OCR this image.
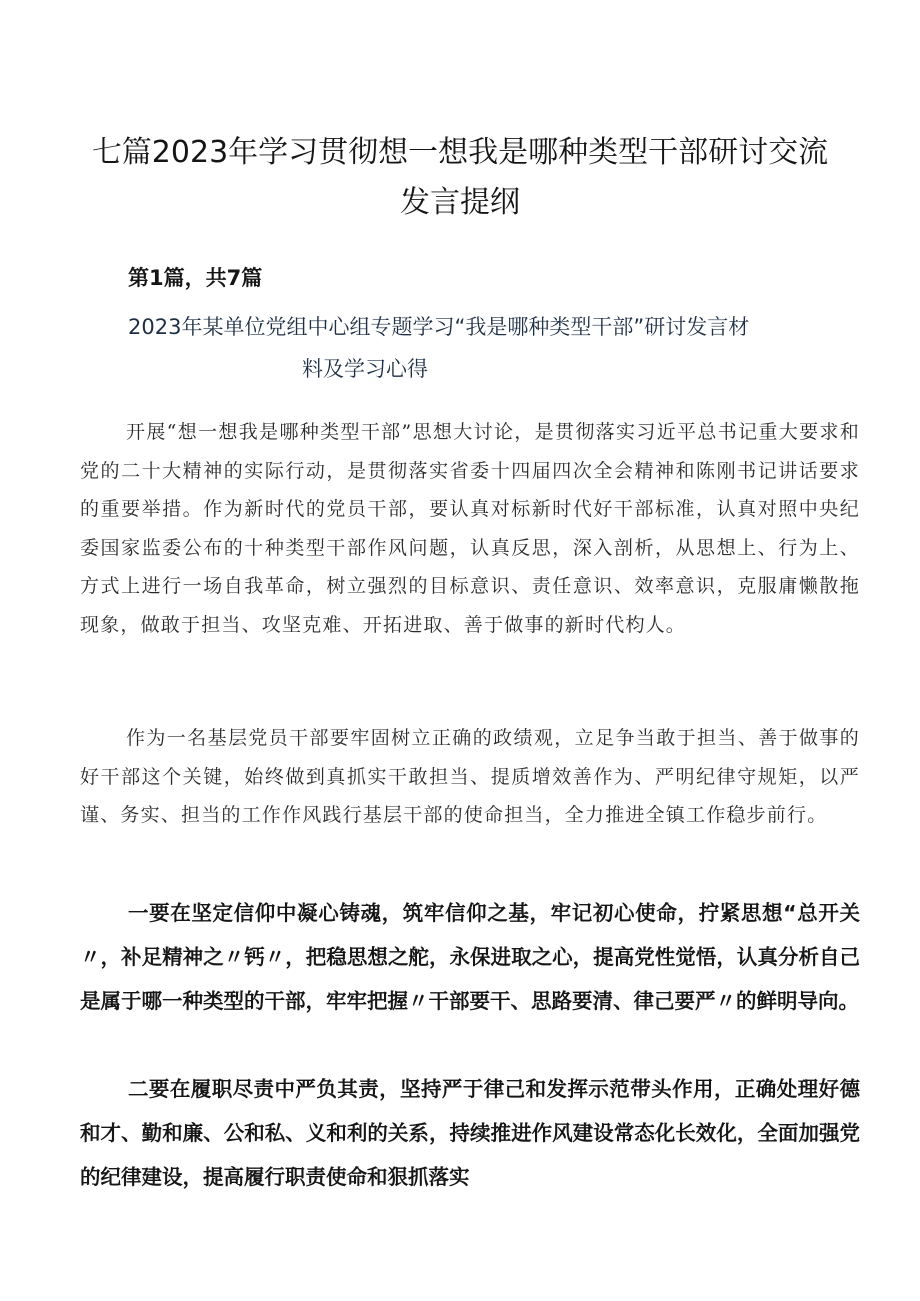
七篇2023年学习贯彻想一想我是哪种类型干部研讨交流发言提纲
第1篇，共7篇
2023年某单位党组中心组专题学习“我是哪种类型干部”研讨发言材
料及学习心得

开展“想一想我是哪种类型干部”思想大讨论，是贯彻落实习近平总书记重大要求和党的二十大精神的实际行动，是贯彻落实省委十四届四次全会精神和陈刚书记讲话要求的重要举措。作为新时代的党员干部，要认真对标新时代好干部标准，认真对照中央纪委国家监委公布的十种类型干部作风问题，认真反思，深入剖析，从思想上、行为上、方式上进行一场自我革命，树立强烈的目标意识、责任意识、效率意识，克服庸懒散拖现象，做敢于担当、攻坚克难、开拓进取、善于做事的新时代枃人。

作为一名基层党员干部要牢固树立正确的政绩观，立足争当敢于担当、善于做事的好干部这个关键，始终做到真抓实干敢担当、提质增效善作为、严明纪律守规矩，以严谨、务实、担当的工作作风践行基层干部的使命担当，全力推进全镇工作稳步前行。

一要在坚定信仰中凝心铸魂，筑牢信仰之基，牢记初心使命，拧紧思想“总开关〃，补足精神之〃钙〃，把稳思想之舵，永保进取之心，提高党性觉悟，认真分析自己是属于哪一种类型的干部，牢牢把握〃干部要干、思路要清、律己要严〃的鲜明导向。

二要在履职尽责中严负其责，坚持严于律己和发挥示范带头作用，正确处理好德和才、勤和廉、公和私、义和利的关系，持续推进作风建设常态化长效化，全面加强党的纪律建设，提高履行职责使命和狠抓落实
